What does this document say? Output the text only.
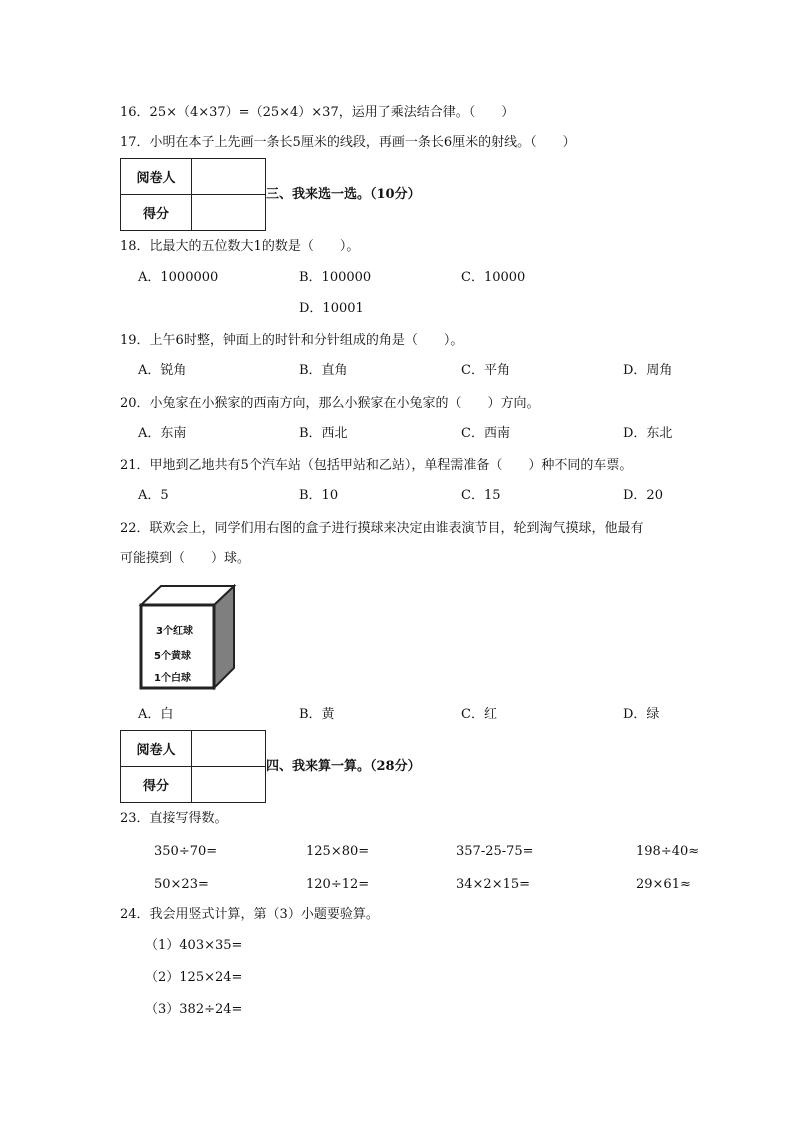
16．25×（4×37）=（25×4）×37，运用了乘法结合律。（　　）
17．小明在本子上先画一条长5厘米的线段，再画一条长6厘米的射线。（　　）
阅卷人	
得分	
三、我来选一选。（10分）
18．比最大的五位数大1的数是（　　）。
A．1000000	B．100000	C．10000
D．10001
19．上午6时整，钟面上的时针和分针组成的角是（　　）。
A．锐角	B．直角	C．平角	D．周角
20．小兔家在小猴家的西南方向，那么小猴家在小兔家的（　　）方向。
A．东南	B．西北	C．西南	D．东北
21．甲地到乙地共有5个汽车站（包括甲站和乙站），单程需准备（　　）种不同的车票。
A．5	B．10	C．15	D．20
22．联欢会上，同学们用右图的盒子进行摸球来决定由谁表演节目，轮到淘气摸球，他最有
可能摸到（　　）球。
3个红球
5个黄球
1个白球
A．白	B．黄	C．红	D．绿
阅卷人	
得分	
四、我来算一算。（28分）
23．直接写得数。
350÷70=	125×80=	357-25-75=	198÷40≈
50×23=	120÷12=	34×2×15=	29×61≈
24．我会用竖式计算，第（3）小题要验算。
（1）403×35=
（2）125×24=
（3）382÷24=
